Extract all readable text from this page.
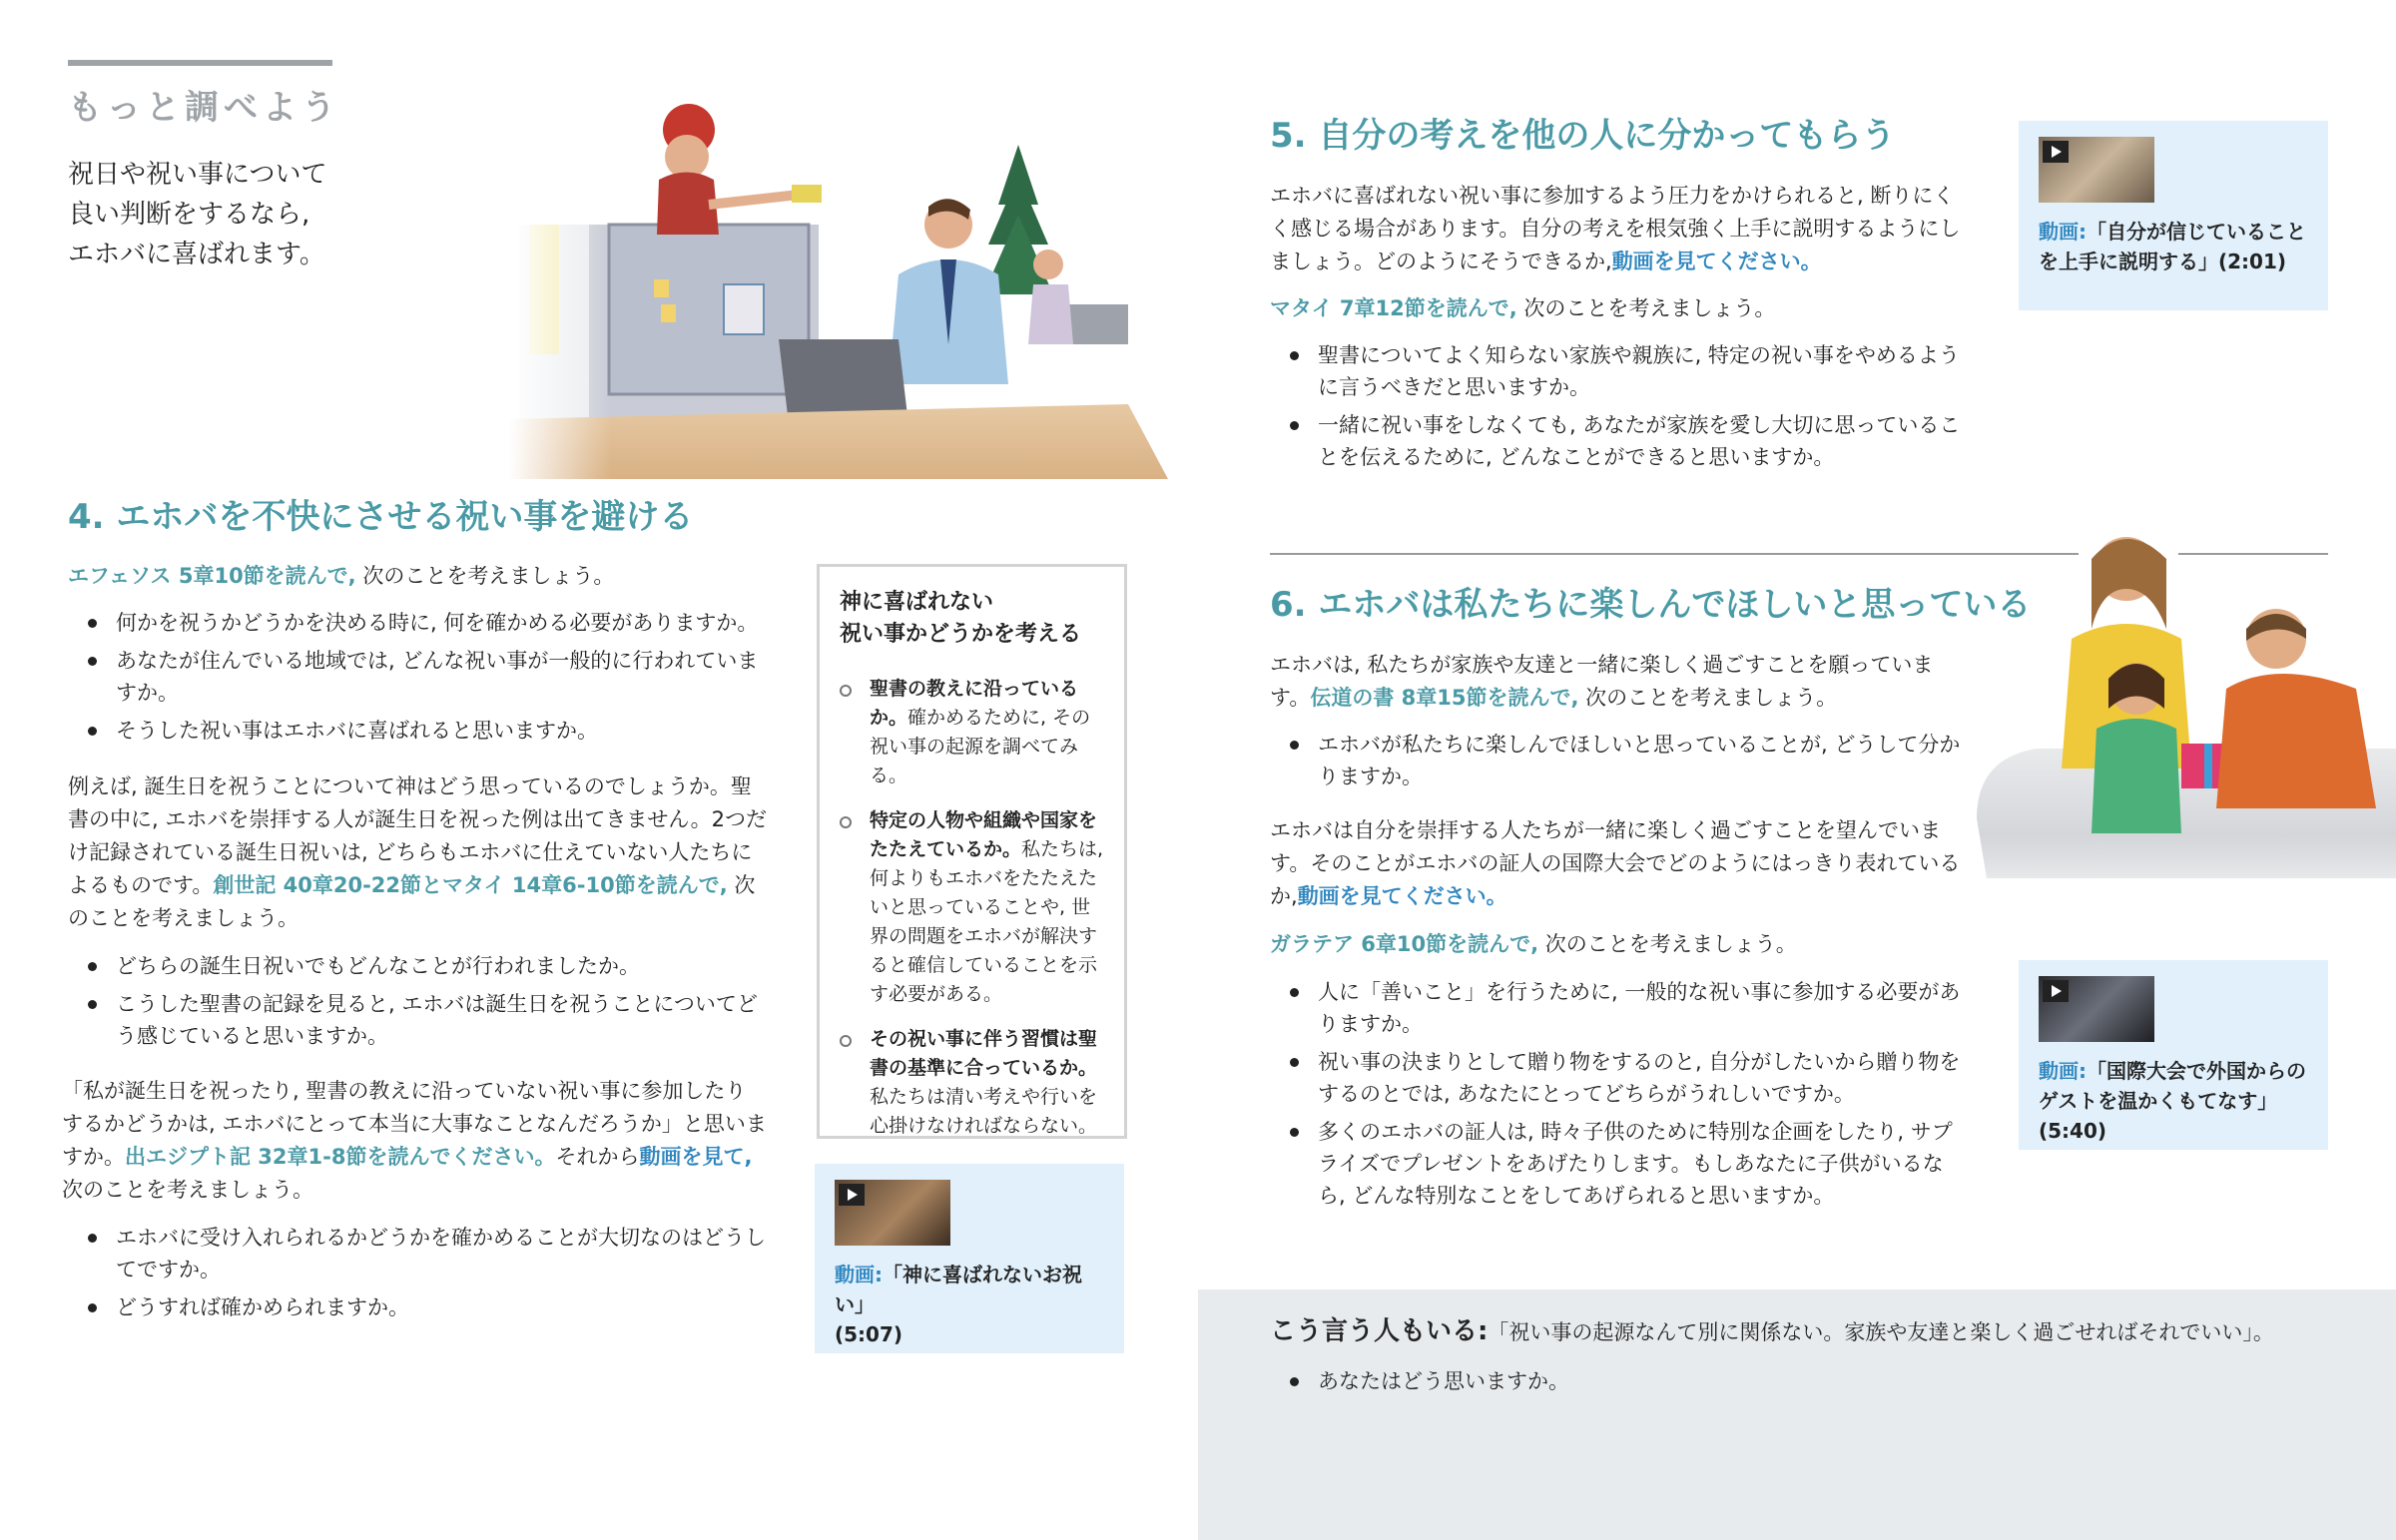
もっと調べよう
祝日や祝い事について
良い判断をするなら,
エホバに喜ばれます。
4. エホバを不快にさせる祝い事を避ける
エフェソス 5章10節を読んで, 次のことを考えましょう。
何かを祝うかどうかを決める時に, 何を確かめる必要がありますか。
あなたが住んでいる地域では, どんな祝い事が一般的に行われていますか。
そうした祝い事はエホバに喜ばれると思いますか。
例えば, 誕生日を祝うことについて神はどう思っているのでしょうか。聖書の中に, エホバを崇拝する人が誕生日を祝った例は出てきません。2つだけ記録されている誕生日祝いは, どちらもエホバに仕えていない人たちによるものです。創世記 40章20-22節とマタイ 14章6-10節を読んで, 次のことを考えましょう。
どちらの誕生日祝いでもどんなことが行われましたか。
こうした聖書の記録を見ると, エホバは誕生日を祝うことについてどう感じていると思いますか。
「私が誕生日を祝ったり, 聖書の教えに沿っていない祝い事に参加したりするかどうかは, エホバにとって本当に大事なことなんだろうか」と思いますか。出エジプト記 32章1-8節を読んでください。それから動画を見て, 次のことを考えましょう。
エホバに受け入れられるかどうかを確かめることが大切なのはどうしてですか。
どうすれば確かめられますか。
神に喜ばれない
祝い事かどうかを考える
聖書の教えに沿っているか。確かめるために, その祝い事の起源を調べてみる。
特定の人物や組織や国家をたたえているか。私たちは, 何よりもエホバをたたえたいと思っていることや, 世界の問題をエホバが解決すると確信していることを示す必要がある。
その祝い事に伴う習慣は聖書の基準に合っているか。私たちは清い考えや行いを心掛けなければならない。
動画:「神に喜ばれないお祝い」
(5:07)
5. 自分の考えを他の人に分かってもらう
エホバに喜ばれない祝い事に参加するよう圧力をかけられると, 断りにくく感じる場合があります。自分の考えを根気強く上手に説明するようにしましょう。どのようにそうできるか,動画を見てください。
マタイ 7章12節を読んで, 次のことを考えましょう。
聖書についてよく知らない家族や親族に, 特定の祝い事をやめるように言うべきだと思いますか。
一緒に祝い事をしなくても, あなたが家族を愛し大切に思っていることを伝えるために, どんなことができると思いますか。
動画:「自分が信じていることを上手に説明する」(2:01)
6. エホバは私たちに楽しんでほしいと思っている
エホバは, 私たちが家族や友達と一緒に楽しく過ごすことを願っています。伝道の書 8章15節を読んで, 次のことを考えましょう。
エホバが私たちに楽しんでほしいと思っていることが, どうして分かりますか。
エホバは自分を崇拝する人たちが一緒に楽しく過ごすことを望んでいます。そのことがエホバの証人の国際大会でどのようにはっきり表れているか,動画を見てください。
ガラテア 6章10節を読んで, 次のことを考えましょう。
人に「善いこと」を行うために, 一般的な祝い事に参加する必要がありますか。
祝い事の決まりとして贈り物をするのと, 自分がしたいから贈り物をするのとでは, あなたにとってどちらがうれしいですか。
多くのエホバの証人は, 時々子供のために特別な企画をしたり, サプライズでプレゼントをあげたりします。もしあなたに子供がいるなら, どんな特別なことをしてあげられると思いますか。
動画:「国際大会で外国からのゲストを温かくもてなす」(5:40)
こう言う人もいる:「祝い事の起源なんて別に関係ない。家族や友達と楽しく過ごせればそれでいい」。
あなたはどう思いますか。
